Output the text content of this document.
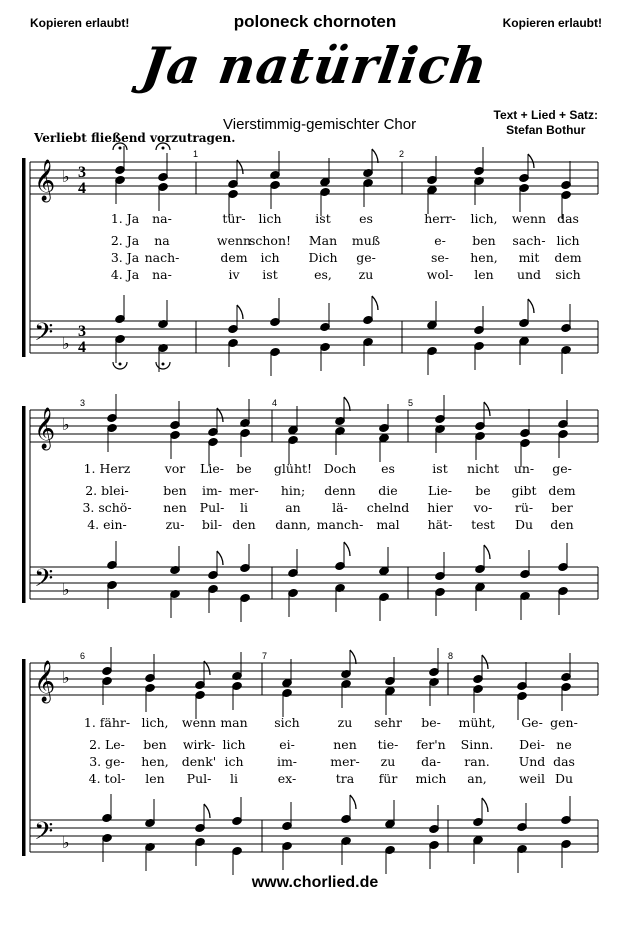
Kopieren erlaubt!	poloneck chornoten	Kopieren erlaubt!
Ja natürlich
Vierstimmig-gemischter Chor
Text + Lied + Satz:
Stefan Bothur
Verliebt fließend vorzutragen.
𝄞
𝄢
♭
♭
3
4
3
4
1	2
1. Ja na-	tür- lich	ist es	herr- lich, wenn das
2. Ja na	wenn
schon! Man muß	e- ben sach- lich
3. Ja nach-	dem ich Dich ge-	se- hen, mit dem
4. Ja na-	iv ist	es, zu	wol- len und sich
𝄞
𝄢
♭
♭
3	4	5
1. Herz	vor Lie- be glüht! Doch es	ist nicht un- ge-
2. blei-	ben im- mer- hin; denn die Lie- be gibt dem
3. schö-	nen Pul- li	an	lä- chelnd hier vo- rü- ber
4. ein-	zu- bil- den dann, manch- mal hät- test Du den
𝄞
𝄢
♭
♭
6	7	8
1. fähr- lich, wenn man sich	zu sehr be- müht, Ge- gen-
2. Le- ben wirk- lich	ei-	nen tie- fer'n Sinn. Dei- ne
3. ge- hen, denk' ich	im-	mer- zu da- ran. Und das
4. tol- len Pul- li	ex-	tra für mich an,	weil Du
www.chorlied.de
